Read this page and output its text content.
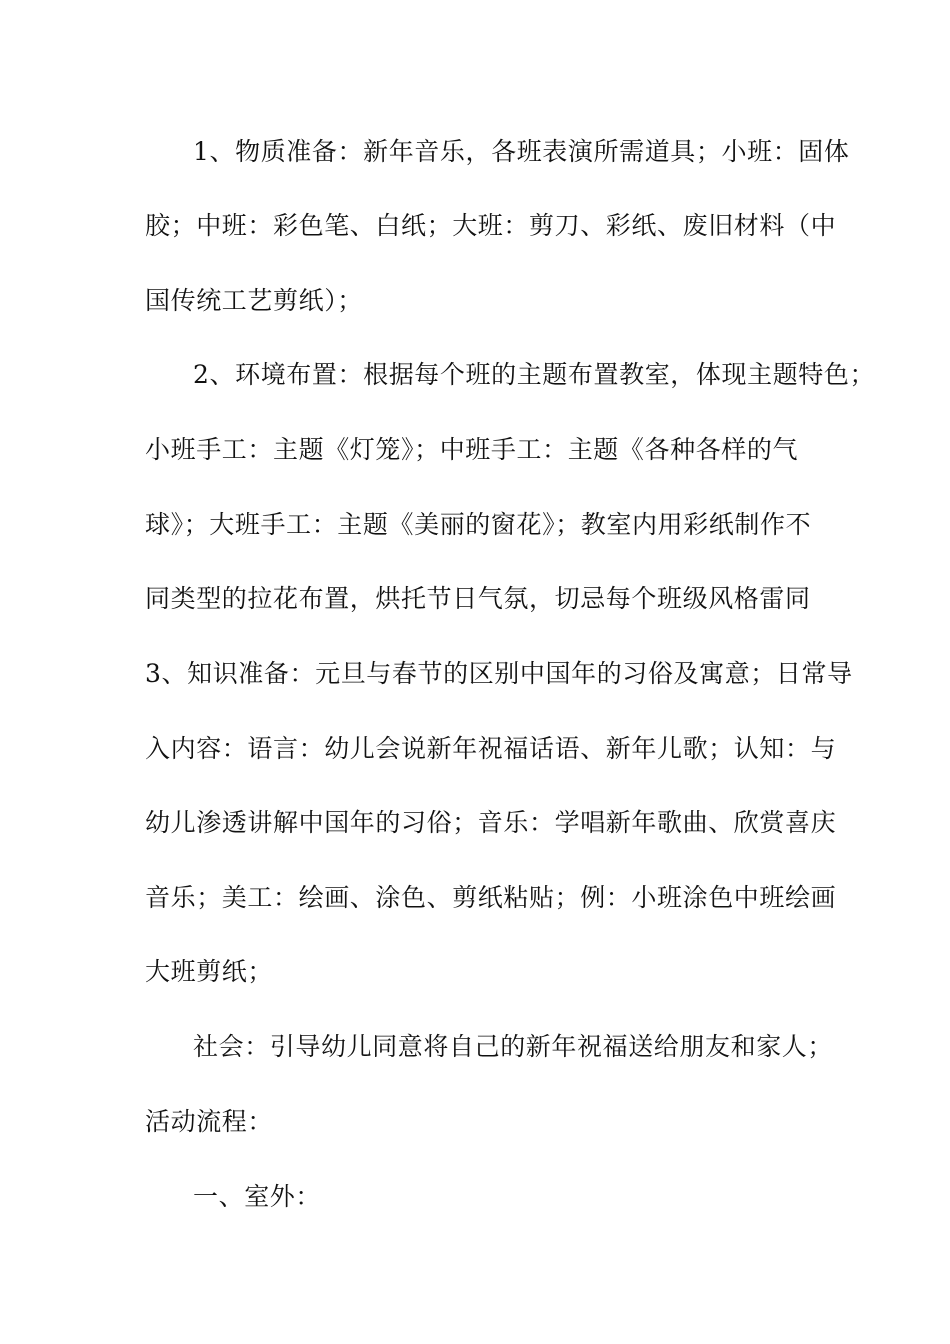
1、物质准备：新年音乐，各班表演所需道具；小班：固体
胶；中班：彩色笔、白纸；大班：剪刀、彩纸、废旧材料（中
国传统工艺剪纸）；
2、环境布置：根据每个班的主题布置教室，体现主题特色；
小班手工：主题《灯笼》；中班手工：主题《各种各样的气
球》；大班手工：主题《美丽的窗花》；教室内用彩纸制作不
同类型的拉花布置，烘托节日气氛，切忌每个班级风格雷同
3、知识准备：元旦与春节的区别中国年的习俗及寓意；日常导
入内容：语言：幼儿会说新年祝福话语、新年儿歌；认知：与
幼儿渗透讲解中国年的习俗；音乐：学唱新年歌曲、欣赏喜庆
音乐；美工：绘画、涂色、剪纸粘贴；例：小班涂色中班绘画
大班剪纸；
社会：引导幼儿同意将自己的新年祝福送给朋友和家人；
活动流程：
一、室外：
